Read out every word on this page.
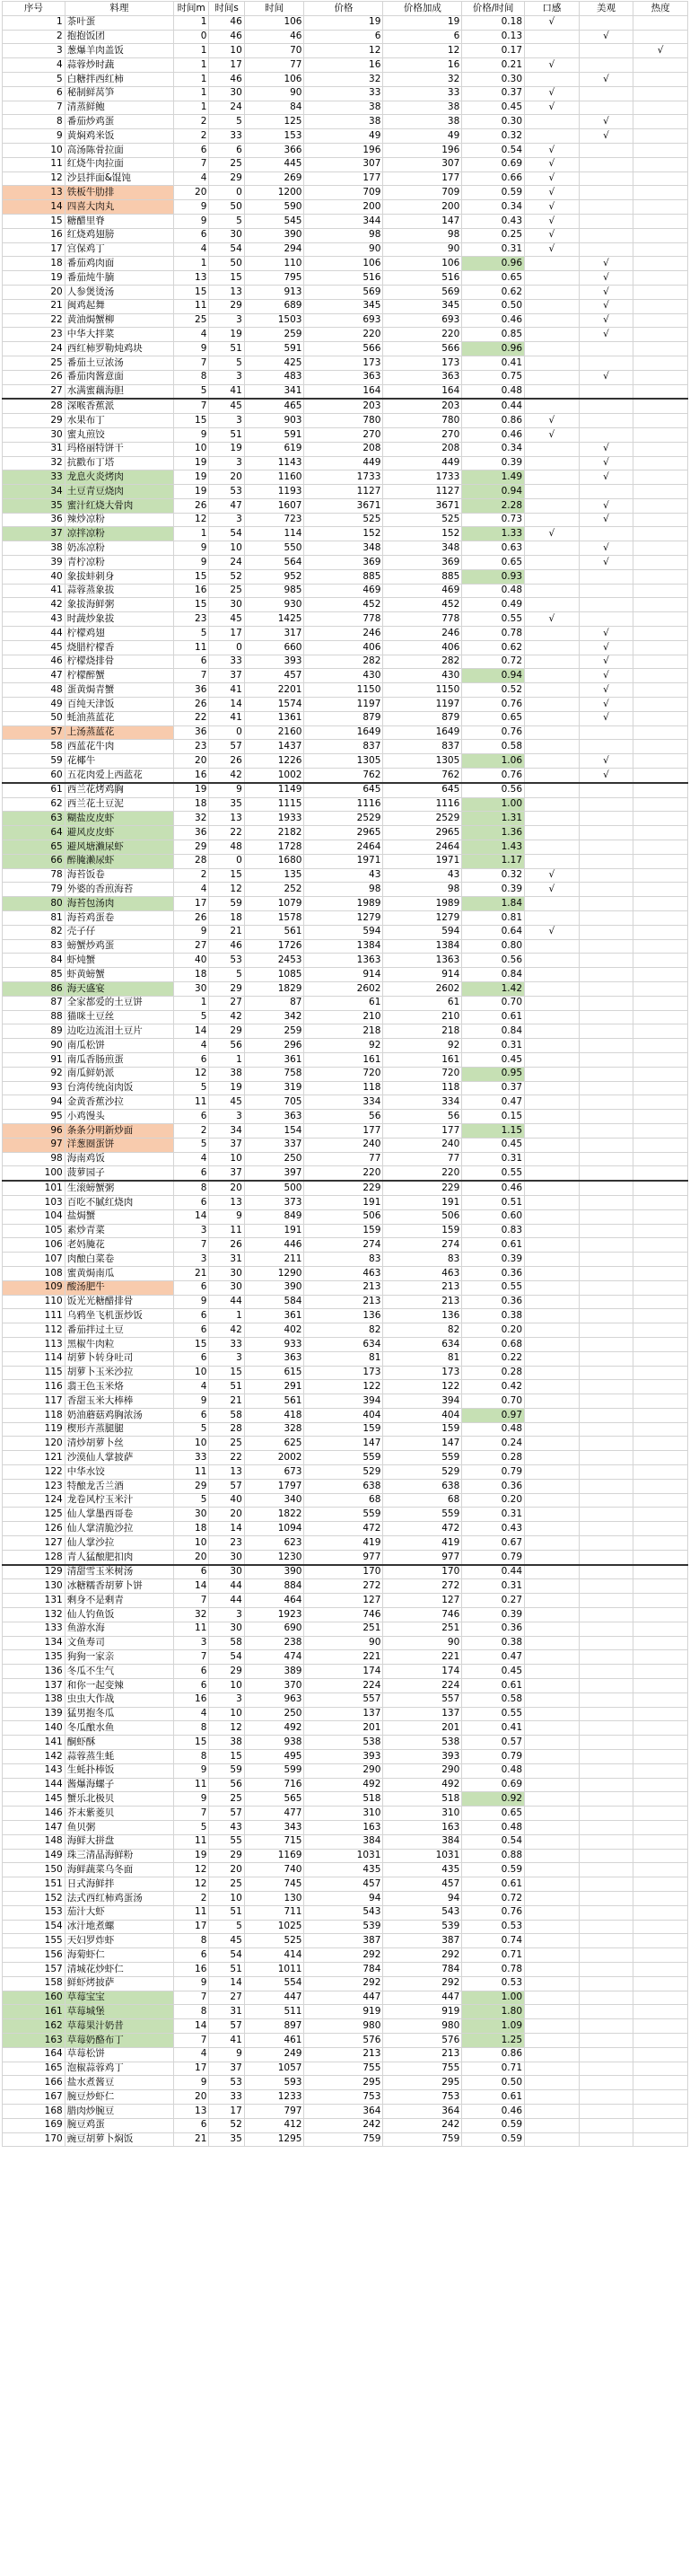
序号	料理	时间m	时间s	时间	价格	价格加成	价格/时间	口感	美观	热度
1	茶叶蛋	1	46	106	19	19	0.18	√		
2	抱抱饭团	0	46	46	6	6	0.13		√	
3	葱爆羊肉盖饭	1	10	70	12	12	0.17			√
4	蒜蓉炒时蔬	1	17	77	16	16	0.21	√		
5	白糖拌西红柿	1	46	106	32	32	0.30		√	
6	秘制鲜莴笋	1	30	90	33	33	0.37	√		
7	清蒸鲜鲍	1	24	84	38	38	0.45	√		
8	番茄炒鸡蛋	2	5	125	38	38	0.30		√	
9	黄焖鸡米饭	2	33	153	49	49	0.32		√	
10	高汤陈骨拉面	6	6	366	196	196	0.54	√		
11	红烧牛肉拉面	7	25	445	307	307	0.69	√		
12	沙县拌面&馄饨	4	29	269	177	177	0.66	√		
13	铁板牛肋排	20	0	1200	709	709	0.59	√		
14	四喜大肉丸	9	50	590	200	200	0.34	√		
15	糖醋里脊	9	5	545	344	147	0.43	√		
16	红烧鸡翅膀	6	30	390	98	98	0.25	√		
17	宫保鸡丁	4	54	294	90	90	0.31	√		
18	番茄鸡肉面	1	50	110	106	106	0.96		√	
19	番茄炖牛腩	13	15	795	516	516	0.65		√	
20	人参煲烫汤	15	13	913	569	569	0.62		√	
21	闽鸡起舞	11	29	689	345	345	0.50		√	
22	黄油焗蟹柳	25	3	1503	693	693	0.46		√	
23	中华大拌菜	4	19	259	220	220	0.85		√	
24	西红柿罗勒炖鸡块	9	51	591	566	566	0.96			
25	番茄土豆浓汤	7	5	425	173	173	0.41			
26	番茄肉酱意面	8	3	483	363	363	0.75		√	
27	水满蜜藕海胆	5	41	341	164	164	0.48			
28	深喉香蕉派	7	45	465	203	203	0.44			
29	水果布丁	15	3	903	780	780	0.86	√		
30	蜜丸煎饺	9	51	591	270	270	0.46	√		
31	玛格丽特饼干	10	19	619	208	208	0.34		√	
32	抗戳布丁塔	19	3	1143	449	449	0.39		√	
33	龙息火炎烤肉	19	20	1160	1733	1733	1.49		√	
34	土豆青豆烧肉	19	53	1193	1127	1127	0.94			
35	蜜汁红烧大骨肉	26	47	1607	3671	3671	2.28		√	
36	辣炒凉粉	12	3	723	525	525	0.73		√	
37	凉拌凉粉	1	54	114	152	152	1.33	√		
38	奶冻凉粉	9	10	550	348	348	0.63		√	
39	青柠凉粉	9	24	564	369	369	0.65		√	
40	象拔蚌刺身	15	52	952	885	885	0.93			
41	蒜蓉蒸象拔	16	25	985	469	469	0.48			
42	象拔海鲜粥	15	30	930	452	452	0.49			
43	时蔬炒象拔	23	45	1425	778	778	0.55	√		
44	柠檬鸡翅	5	17	317	246	246	0.78		√	
45	烧腊柠檬香	11	0	660	406	406	0.62		√	
46	柠檬烧排骨	6	33	393	282	282	0.72		√	
47	柠檬醉蟹	7	37	457	430	430	0.94		√	
48	蛋黄焗青蟹	36	41	2201	1150	1150	0.52		√	
49	百纯天津饭	26	14	1574	1197	1197	0.76		√	
50	蚝油蒸蓝花	22	41	1361	879	879	0.65		√	
57	上汤蒸蓝花	36	0	2160	1649	1649	0.76			
58	西蓝花牛肉	23	57	1437	837	837	0.58			
59	花椰牛	20	26	1226	1305	1305	1.06		√	
60	五花肉爱上西蓝花	16	42	1002	762	762	0.76		√	
61	西兰花烤鸡胸	19	9	1149	645	645	0.56			
62	西兰花土豆泥	18	35	1115	1116	1116	1.00			
63	糊盐皮皮虾	32	13	1933	2529	2529	1.31			
64	避风皮皮虾	36	22	2182	2965	2965	1.36			
65	避风塘濑尿虾	29	48	1728	2464	2464	1.43			
66	醉腌濑尿虾	28	0	1680	1971	1971	1.17			
78	海苔饭卷	2	15	135	43	43	0.32	√		
79	外婆的香煎海苔	4	12	252	98	98	0.39	√		
80	海苔包汤肉	17	59	1079	1989	1989	1.84			
81	海苔鸡蛋卷	26	18	1578	1279	1279	0.81			
82	壳子仔	9	21	561	594	594	0.64	√		
83	螃蟹炒鸡蛋	27	46	1726	1384	1384	0.80			
84	虾炖蟹	40	53	2453	1363	1363	0.56			
85	虾黄螃蟹	18	5	1085	914	914	0.84			
86	海天盛宴	30	29	1829	2602	2602	1.42			
87	全家都爱的土豆饼	1	27	87	61	61	0.70			
88	猫咪土豆丝	5	42	342	210	210	0.61			
89	边吃边流泪土豆片	14	29	259	218	218	0.84			
90	南瓜松饼	4	56	296	92	92	0.31			
91	南瓜香肠煎蛋	6	1	361	161	161	0.45			
92	南瓜鲜奶派	12	38	758	720	720	0.95			
93	台湾传统卤肉饭	5	19	319	118	118	0.37			
94	金黄香蕉沙拉	11	45	705	334	334	0.47			
95	小鸡馒头	6	3	363	56	56	0.15			
96	条条分明新炒面	2	34	154	177	177	1.15			
97	洋葱圈蛋饼	5	37	337	240	240	0.45			
98	海南鸡饭	4	10	250	77	77	0.31			
100	菠萝园子	6	37	397	220	220	0.55			
101	生滚螃蟹粥	8	20	500	229	229	0.46			
103	百吃不腻红烧肉	6	13	373	191	191	0.51			
104	盐焗蟹	14	9	849	506	506	0.60			
105	素炒青菜	3	11	191	159	159	0.83			
106	老妈腌花	7	26	446	274	274	0.61			
107	肉酿白菜卷	3	31	211	83	83	0.39			
108	蜜黄焗南瓜	21	30	1290	463	463	0.36			
109	酸汤肥牛	6	30	390	213	213	0.55			
110	饭光光糖醋排骨	9	44	584	213	213	0.36			
111	乌鸦坐飞机蛋炒饭	6	1	361	136	136	0.38			
112	番茄拌过土豆	6	42	402	82	82	0.20			
113	黑椒牛肉粒	15	33	933	634	634	0.68			
114	胡萝卜转身吐司	6	3	363	81	81	0.22			
115	胡萝卜玉米沙拉	10	15	615	173	173	0.28			
116	翡王色玉米烙	4	51	291	122	122	0.42			
117	香甜玉米大棒棒	9	21	561	394	394	0.70			
118	奶油蘑菇鸡胸浓汤	6	58	418	404	404	0.97			
119	楔形卉蒸腿腿	5	28	328	159	159	0.48			
120	清炒胡萝卜丝	10	25	625	147	147	0.24			
121	沙漠仙人掌披萨	33	22	2002	559	559	0.28			
122	中华水饺	11	13	673	529	529	0.79			
123	特酿龙舌兰酒	29	57	1797	638	638	0.36			
124	龙卷风柠玉米汁	5	40	340	68	68	0.20			
125	仙人掌墨西哥卷	30	20	1822	559	559	0.31			
126	仙人掌清脆沙拉	18	14	1094	472	472	0.43			
127	仙人掌沙拉	10	23	623	419	419	0.67			
128	青人猛酿肥扣肉	20	30	1230	977	977	0.79			
129	清甜雪玉米树汤	6	30	390	170	170	0.44			
130	冰糖糯香胡萝卜饼	14	44	884	272	272	0.31			
131	剩身不是剩青	7	44	464	127	127	0.27			
132	仙人钓鱼饭	32	3	1923	746	746	0.39			
133	鱼游水海	11	30	690	251	251	0.36			
134	文鱼寿司	3	58	238	90	90	0.38			
135	狗狗一家亲	7	54	474	221	221	0.47			
136	冬瓜不生气	6	29	389	174	174	0.45			
137	和你一起变辣	6	10	370	224	224	0.61			
138	虫虫大作战	16	3	963	557	557	0.58			
139	猛男抱冬瓜	4	10	250	137	137	0.55			
140	冬瓜酿水鱼	8	12	492	201	201	0.41			
141	酮虾酥	15	38	938	538	538	0.57			
142	蒜蓉蒸生蚝	8	15	495	393	393	0.79			
143	生蚝扑棒饭	9	59	599	290	290	0.48			
144	酱爆海螺子	11	56	716	492	492	0.69			
145	蟹乐北极贝	9	25	565	518	518	0.92			
146	芥末紫菱贝	7	57	477	310	310	0.65			
147	鱼贝粥	5	43	343	163	163	0.48			
148	海鲜大拼盘	11	55	715	384	384	0.54			
149	珠三清晶海鲜粉	19	29	1169	1031	1031	0.88			
150	海鲜蔬菜乌冬面	12	20	740	435	435	0.59			
151	日式海鲜拌	12	25	745	457	457	0.61			
152	法式西红柿鸡蛋汤	2	10	130	94	94	0.72			
153	茄汁大虾	11	51	711	543	543	0.76			
154	冰汁地煮螺	17	5	1025	539	539	0.53			
155	天妇罗炸虾	8	45	525	387	387	0.74			
156	海菊虾仁	6	54	414	292	292	0.71			
157	清城花炒虾仁	16	51	1011	784	784	0.78			
158	鲜虾烤披萨	9	14	554	292	292	0.53			
160	草莓宝宝	7	27	447	447	447	1.00			
161	草莓城堡	8	31	511	919	919	1.80			
162	草莓果汁奶昔	14	57	897	980	980	1.09			
163	草莓奶酪布丁	7	41	461	576	576	1.25			
164	草莓松饼	4	9	249	213	213	0.86			
165	泡椒蒜蓉鸡丁	17	37	1057	755	755	0.71			
166	盐水煮酱豆	9	53	593	295	295	0.50			
167	腕豆炒虾仁	20	33	1233	753	753	0.61			
168	腊肉炒腕豆	13	17	797	364	364	0.46			
169	腕豆鸡蛋	6	52	412	242	242	0.59			
170	豌豆胡萝卜焖饭	21	35	1295	759	759	0.59			
